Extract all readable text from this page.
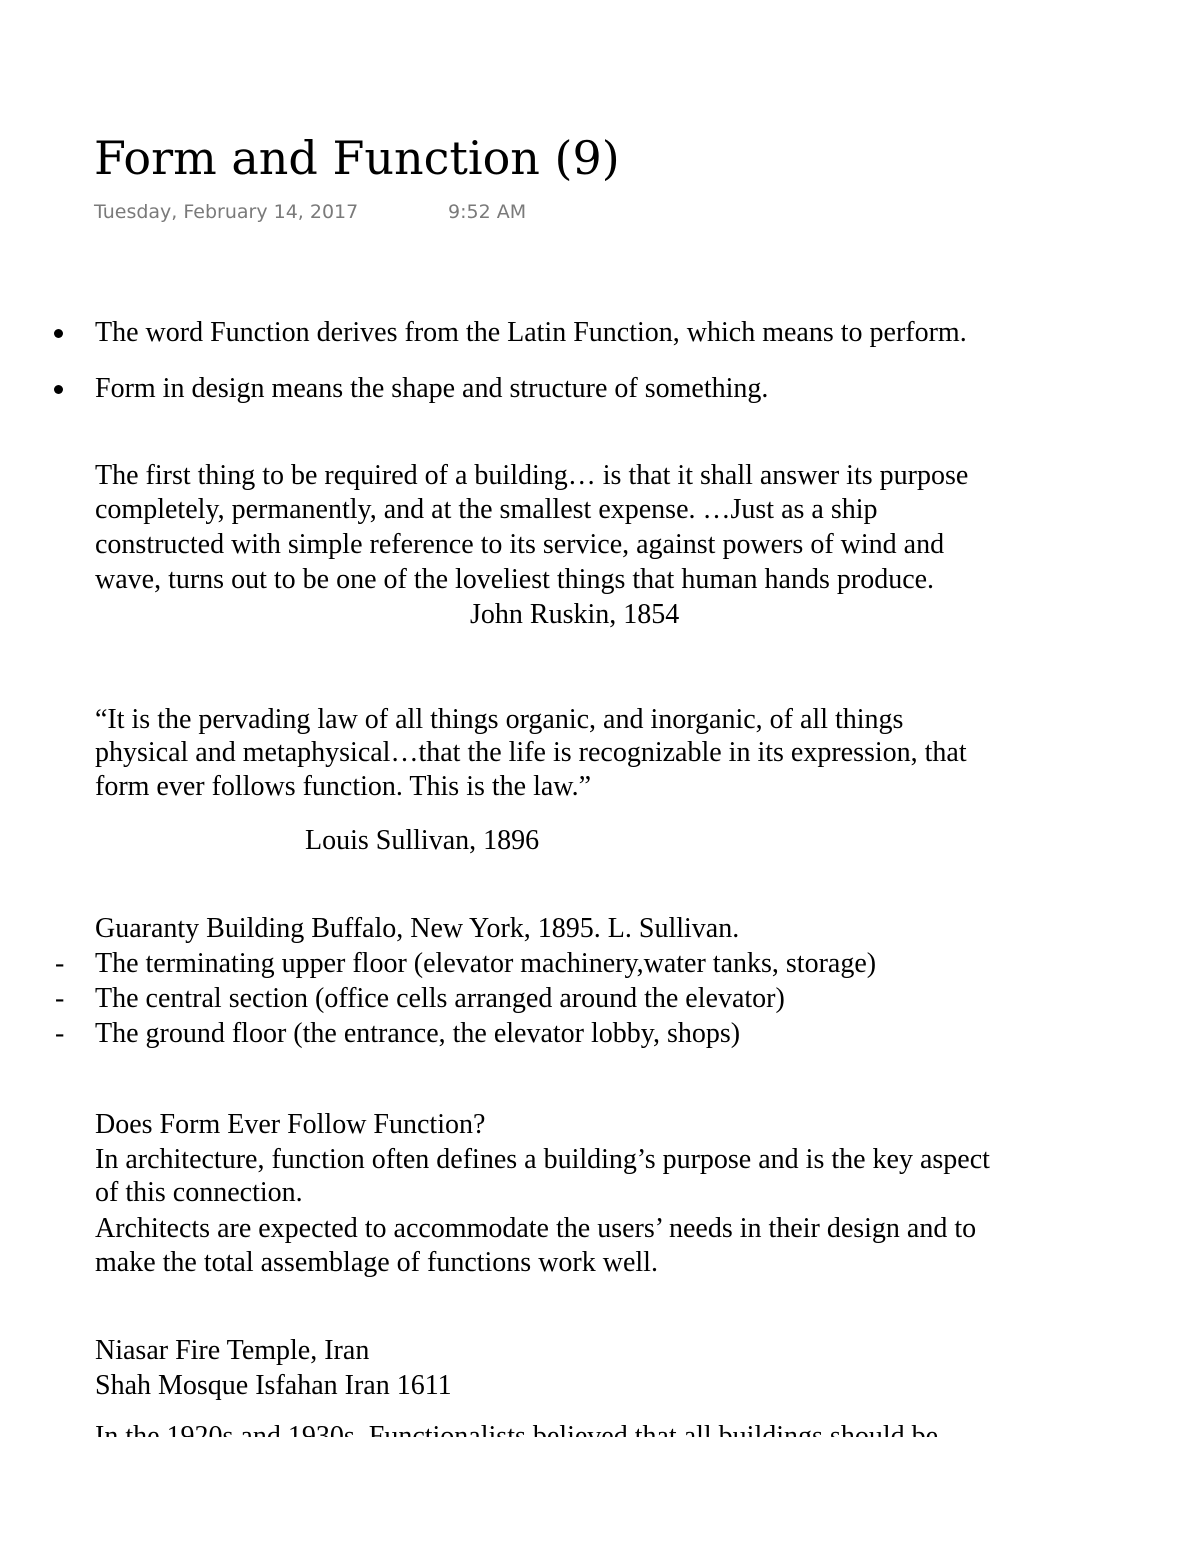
Form and Function (9)
Tuesday, February 14, 2017	9:52 AM

The word Function derives from the Latin Function, which means to perform.

Form in design means the shape and structure of something.

The first thing to be required of a building… is that it shall answer its purpose

completely, permanently, and at the smallest expense. …Just as a ship

constructed with simple reference to its service, against powers of wind and

wave, turns out to be one of the loveliest things that human hands produce.

John Ruskin, 1854

“It is the pervading law of all things organic, and inorganic, of all things

physical and metaphysical…that the life is recognizable in its expression, that

form ever follows function. This is the law.”

Louis Sullivan, 1896

Guaranty Building Buffalo, New York, 1895. L. Sullivan.

- The terminating upper floor (elevator machinery,water tanks, storage)

- The central section (office cells arranged around the elevator)

- The ground floor (the entrance, the elevator lobby, shops)

Does Form Ever Follow Function?

In architecture, function often defines a building’s purpose and is the key aspect

of this connection.

Architects are expected to accommodate the users’ needs in their design and to

make the total assemblage of functions work well.

Niasar Fire Temple, Iran

Shah Mosque Isfahan Iran 1611
